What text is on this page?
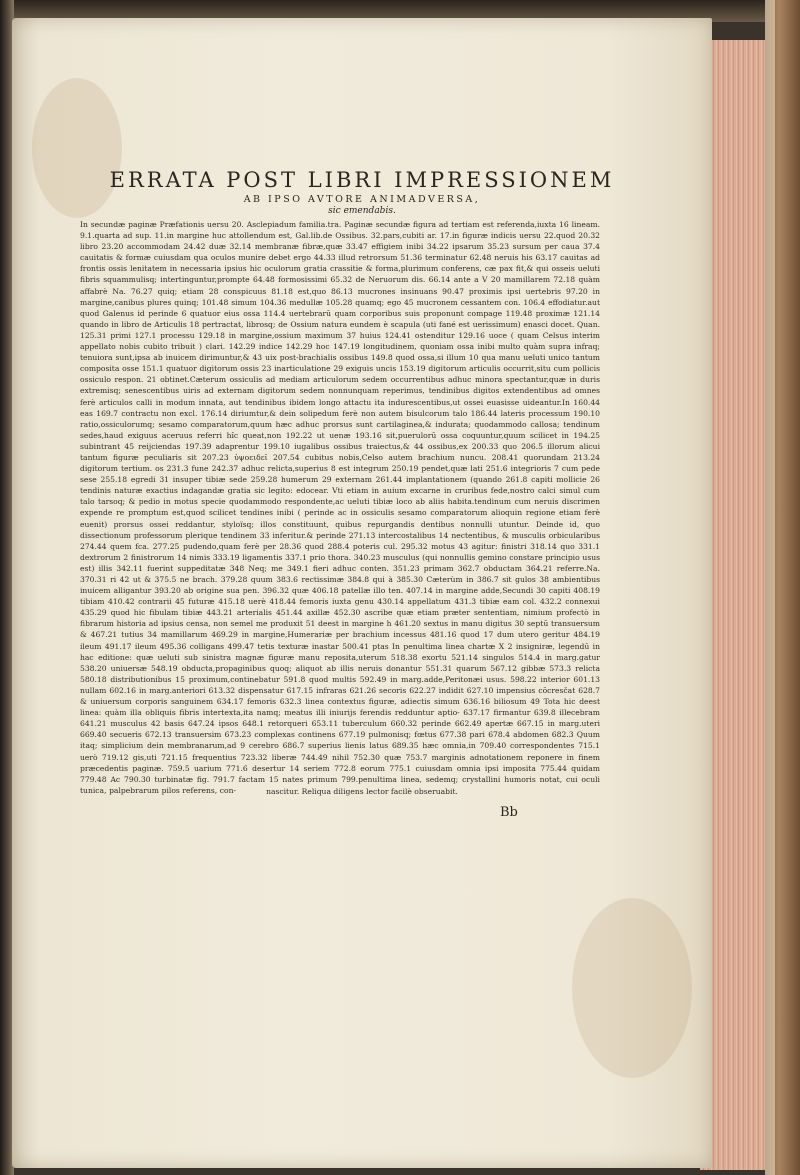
ERRATA POST LIBRI IMPRESSIONEM
AB IPSO AVTORE ANIMADVERSA,
sic emendabis.
In secundæ paginæ Præfationis uersu 20. Asclepiadum familia.tra. Paginæ secundæ figura ad tertiam est referenda,iuxta 16 lineam. 9.1.quarta ad sup. 11.in margine huc attollendum est, Gal.lib.de Ossibus. 32.pars,cubiti ar. 17.in figuræ indicis uersu 22.quod 20.32 libro 23.20 accommodam 24.42 duæ 32.14 membranæ fibræ,quæ 33.47 effigiem inibi 34.22 ipsarum 35.23 sursum per caua 37.4 cauitatis & formæ cuiusdam qua oculos munire debet ergo 44.33 illud retrorsum 51.36 terminatur 62.48 neruis his 63.17 cauitas ad frontis ossis lenitatem in necessaria ipsius hic oculorum gratia crassitie & forma,plurimum conferens, cæ pax fit,& qui osseis ueluti fibris squammulisq; intertinguntur,prompte 64.48 formosissimi 65.32 de Neruorum dis. 66.14 ante a V 20 mamillarem 72.18 quàm affabrè Na. 76.27 quiq; etiam 28 conspicuus 81.18 est,quo 86.13 mucrones insinuans 90.47 proximis ipsi uertebris 97.20 in margine,canibus plures quinq; 101.48 simum 104.36 medullæ 105.28 quamq; ego 45 mucronem cessantem con. 106.4 effodiatur.aut quod Galenus id perinde 6 quatuor eius ossa 114.4 uertebrarū quam corporibus suis proponunt compage 119.48 proximæ 121.14 quando in libro de Articulis 18 pertractat, librosq; de Ossium natura eundem è scapula (uti fané est uerissimum) enasci docet. Quan. 125.31 primi 127.1 processu 129.18 in margine,ossium maximum 37 huius 124.41 ostenditur 129.16 uoce ( quam Celsus interim appellato nobis cubito tribuit ) clari. 142.29 indice 142.29 hoc 147.19 longitudinem, quoniam ossa inibi multo quàm supra infraq; tenuiora sunt,ipsa ab inuicem dirimuntur,& 43 uix post-brachialis ossibus 149.8 quod ossa,si illum 10 qua manu ueluti unico tantum composita osse 151.1 quatuor digitorum ossis 23 inarticulatione 29 exiguis uncis 153.19 digitorum articulis occurrit,situ cum pollicis ossiculo respon. 21 obtinet.Cæterum ossiculis ad mediam articulorum sedem occurrentibus adhuc minora spectantur,quæ in duris extremisq; senescentibus uiris ad externam digitorum sedem nonnunquam reperimus, tendinibus digitos extendentibus ad omnes ferè articulos calli in modum innata, aut tendinibus ibidem longo attactu ita indurescentibus,ut ossei euasisse uideantur.In 160.44 eas 169.7 contractu non excl. 176.14 diriumtur,& dein solipedum ferè non autem bisulcorum talo 186.44 lateris processum 190.10 ratio,ossiculorumq; sesamo comparatorum,quum hæc adhuc prorsus sunt cartilaginea,& indurata; quodammodo callosa; tendinum sedes,haud exiguus aceruus referri hîc queat,non 192.22 ut uenæ 193.16 sit,puerulorū ossa coquuntur,quum scilicet in 194.25 subintrant 45 reijciendas 197.39 adaprentur 199.10 iugalibus ossibus traiectus,& 44 ossibus,ex 200.33 quo 206.5 illorum alicui tantum figuræ peculiaris sit 207.23 ὑψοειδεῖ 207.54 cubitus nobis,Celso autem brachium nuncu. 208.41 quorundam 213.24 digitorum tertium. os 231.3 fune 242.37 adhuc relicta,superius 8 est integrum 250.19 pendet,quæ lati 251.6 integrioris 7 cum pede sese 255.18 egredi 31 insuper tibiæ sede 259.28 humerum 29 externam 261.44 implantationem (quando 261.8 capiti mollicie 26 tendinis naturæ exactius indagandæ gratia sic legito: edocear. Vti etiam in auium excarne in cruribus fede,nostro calci simul cum talo tarsoq; & pedio in motus specie quodammodo respondente,ac ueluti tibiæ loco ab aliis habita.tendinum cum neruis discrimen expende re promptum est,quod scilicet tendines inibi ( perinde ac in ossiculis sesamo comparatorum alioquin regione etiam ferè euenit) prorsus ossei reddantur, styloïsq; illos constituunt, quibus repurgandis dentibus nonnulli utuntur. Deinde id, quo dissectionum professorum plerique tendinem 33 inferitur.& perinde 271.13 intercostalibus 14 nectentibus, & musculis orbicularibus 274.44 quem fca. 277.25 pudendo,quam ferè per 28.36 quod 288.4 poteris cul. 295.32 motus 43 agitur: finistri 318.14 quo 331.1 dextrorum 2 finistrorum 14 nimis 333.19 ligamentis 337.1 prio thora. 340.23 musculus (qui nonnullis gemino constare principio usus est) illis 342.11 fuerint suppeditatæ 348 Neq; me 349.1 fieri adhuc conten. 351.23 primam 362.7 obductam 364.21 referre.Na. 370.31 ri 42 ut & 375.5 ne brach. 379.28 quum 383.6 rectissimæ 384.8 qui à 385.30 Cæterùm in 386.7 sit gulos 38 ambientibus inuicem alligantur 393.20 ab origine sua pen. 396.32 quæ 406.18 patellæ illo ten. 407.14 in margine adde,Secundi 30 capiti 408.19 tibiam 410.42 contrarii 45 futuræ 415.18 uerè 418.44 femoris iuxta genu 430.14 appellatum 431.3 tibiæ eam col. 432.2 connexui 435.29 quod hic fibulam tibiæ 443.21 arterialis 451.44 axillæ 452.30 ascribe quæ etiam præter sententiam, nimium profectò in fibrarum historia ad ipsius censa, non semel me produxit 51 deest in margine h 461.20 sextus in manu digitus 30 septū transuersum & 467.21 tutius 34 mamillarum 469.29 in margine,Humerariæ per brachium incessus 481.16 quod 17 dum utero geritur 484.19 ileum 491.17 ileum 495.36 colligans 499.47 tetis texturæ inastar 500.41 ptas In penultima linea chartæ X 2 insigniræ, legendū in hac editione: quæ ueluti sub sinistra magnæ figuræ manu reposita,uterum 518.38 exortu 521.14 singulos 514.4 in marg.gatur 538.20 uniuersæ 548.19 obducta,propaginibus quoq; aliquot ab illis neruis donantur 551.31 quarum 567.12 gibbæ 573.3 relicta 580.18 distributionibus 15 proximum,continebatur 591.8 quod multis 592.49 in marg.adde,Peritonæi usus. 598.22 interior 601.13 nullam 602.16 in marg.anteriori 613.32 dispensatur 617.15 infraras 621.26 secoris 622.27 indidit 627.10 impensius cōcresčat 628.7 & uniuersum corporis sanguinem 634.17 femoris 632.3 linea contextus figuræ, adiectis simum 636.16 biliosum 49 Tota hic deest linea: quàm illa obliquis fibris intertexta,ita namq; meatus illi iniurijs ferendis redduntur aptio- 637.17 firmantur 639.8 illecebram 641.21 musculus 42 basis 647.24 ipsos 648.1 retorqueri 653.11 tuberculum 660.32 perinde 662.49 apertæ 667.15 in marg.uteri 669.40 secueris 672.13 transuersim 673.23 complexas continens 677.19 pulmonisq; fœtus 677.38 pari 678.4 abdomen 682.3 Quum itaq; simplicium dein membranarum,ad 9 cerebro 686.7 superius lienis latus 689.35 hæc omnia,in 709.40 correspondentes 715.1 uerò 719.12 gis,uti 721.15 frequentius 723.32 liberæ 744.49 nihil 752.30 quæ 753.7 marginis adnotationem reponere in finem præcedentis paginæ. 759.5 uarium 771.6 desertur 14 seriem 772.8 eorum 775.1 cuiusdam omnia ipsi imposita 775.44 quidam 779.48 Ac 790.30 turbinatæ fig. 791.7 factam 15 nates primum 799.penultima linea, sedemq; crystallini humoris notat, cui oculi tunica, palpebrarum pilos referens, con-	nascitur. Reliqua diligens lector facilè obseruabit.
Bb
